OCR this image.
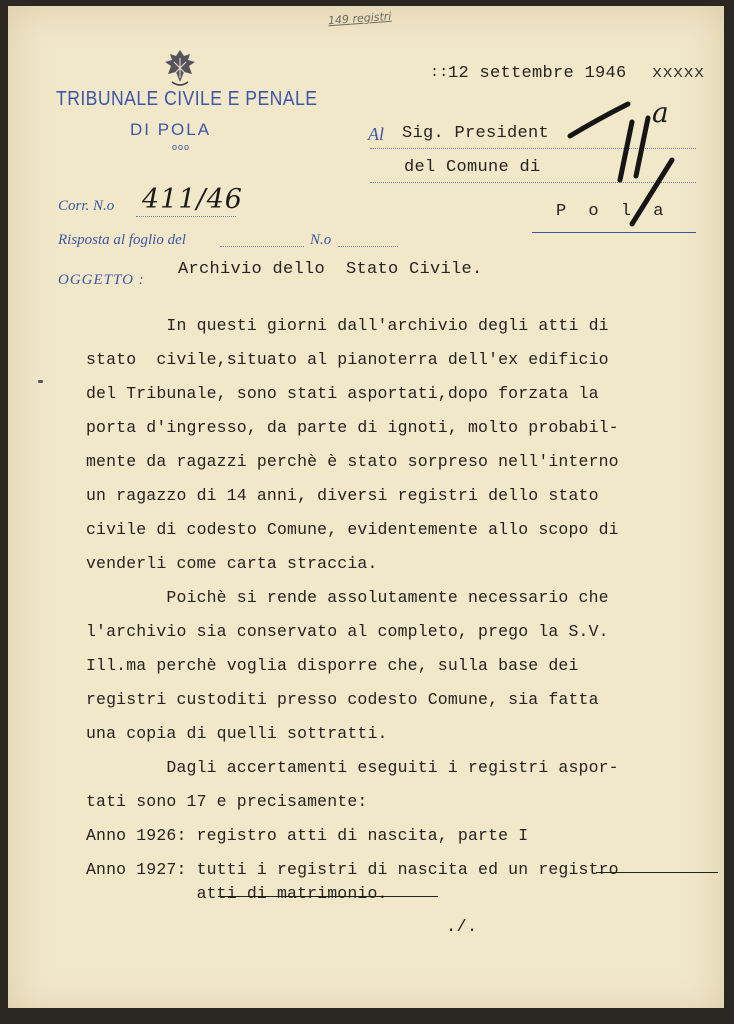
149 registri
TRIBUNALE CIVILE E PENALE
DI POLA
ooo
:: 12 settembre 1946 xxxxx
Al Sig. President
del Comune di
P o l a
a
Corr. N.o 411/46
Risposta al foglio del	N.o
OGGETTO :
Archivio dello  Stato Civile.
In questi giorni dall'archivio degli atti di
stato  civile,situato al pianoterra dell'ex edificio
del Tribunale, sono stati asportati,dopo forzata la
porta d'ingresso, da parte di ignoti, molto probabil-
mente da ragazzi perchè è stato sorpreso nell'interno
un ragazzo di 14 anni, diversi registri dello stato
civile di codesto Comune, evidentemente allo scopo di
venderli come carta straccia.
Poichè si rende assolutamente necessario che
l'archivio sia conservato al completo, prego la S.V.
Ill.ma perchè voglia disporre che, sulla base dei
registri custoditi presso codesto Comune, sia fatta
una copia di quelli sottratti.
Dagli accertamenti eseguiti i registri aspor-
tati sono 17 e precisamente:
Anno 1926: registro atti di nascita, parte I
Anno 1927: tutti i registri di nascita ed un registro
atti di matrimonio.
./.
